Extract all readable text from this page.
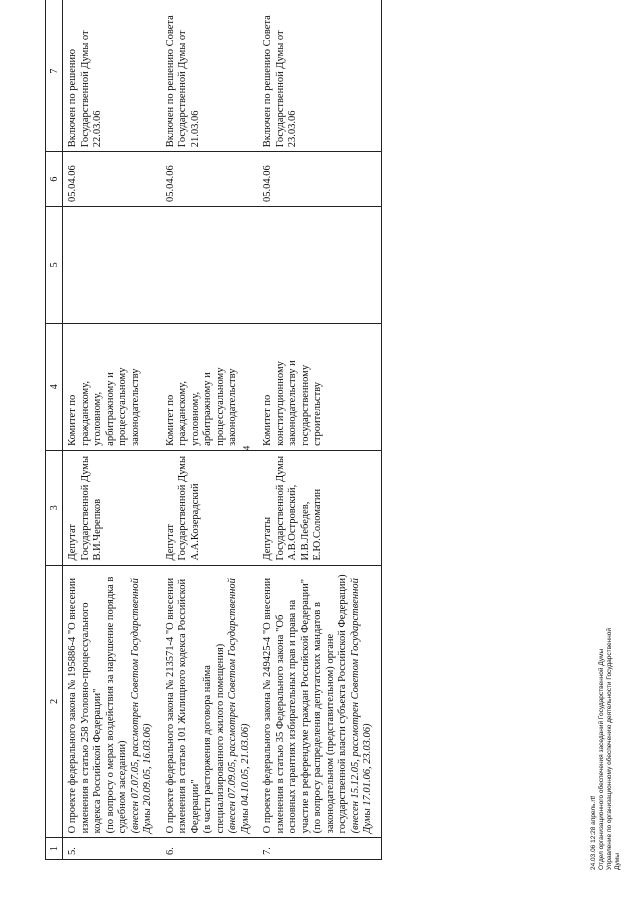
4
1	2	3	4	5	6	7
5.	О проекте федерального закона № 195886-4 "О внесении изменения в статью 258 Уголовно-процессуального кодекса Российской Федерации" (по вопросу о мерах воздействия за нарушение порядка в судебном заседании) (внесен 07.07.05, рассмотрен Советом Государственной Думы 20.09.05, 16.03.06)	Депутат Государственной Думы В.И.Черепков	Комитет по гражданскому, уголовному, арбитражному и процессуальному законодательству		05.04.06	Включен по решению Государственной Думы от 22.03.06
6.	О проекте федерального закона № 213571-4 "О внесении изменения в статью 101 Жилищного кодекса Российской Федерации" (в части расторжения договора найма специализированного жилого помещения) (внесен 07.09.05, рассмотрен Советом Государственной Думы 04.10.05, 21.03.06)	Депутат Государственной Думы А.А.Козерадский	Комитет по гражданскому, уголовному, арбитражному и процессуальному законодательству		05.04.06	Включен по решению Совета Государственной Думы от 21.03.06
7.	О проекте федерального закона № 249425-4 "О внесении изменения в статью 35 Федерального закона "Об основных гарантиях избирательных прав и права на участие в референдуме граждан Российской Федерации" (по вопросу распределения депутатских мандатов в законодательном (представительном) органе государственной власти субъекта Российской Федерации) (внесен 15.12.05, рассмотрен Советом Государственной Думы 17.01.06, 23.03.06)	Депутаты Государственной Думы А.В.Островский, И.В.Лебедев, Е.Ю.Соломатин	Комитет по конституционному законодательству и государственному строительству		05.04.06	Включен по решению Совета Государственной Думы от 23.03.06
24.03.06 12:28 апрель.rtf Отдел организационного обеспечения заседаний Государственной Думы Управление по организационному обеспечению деятельности Государственной Думы
